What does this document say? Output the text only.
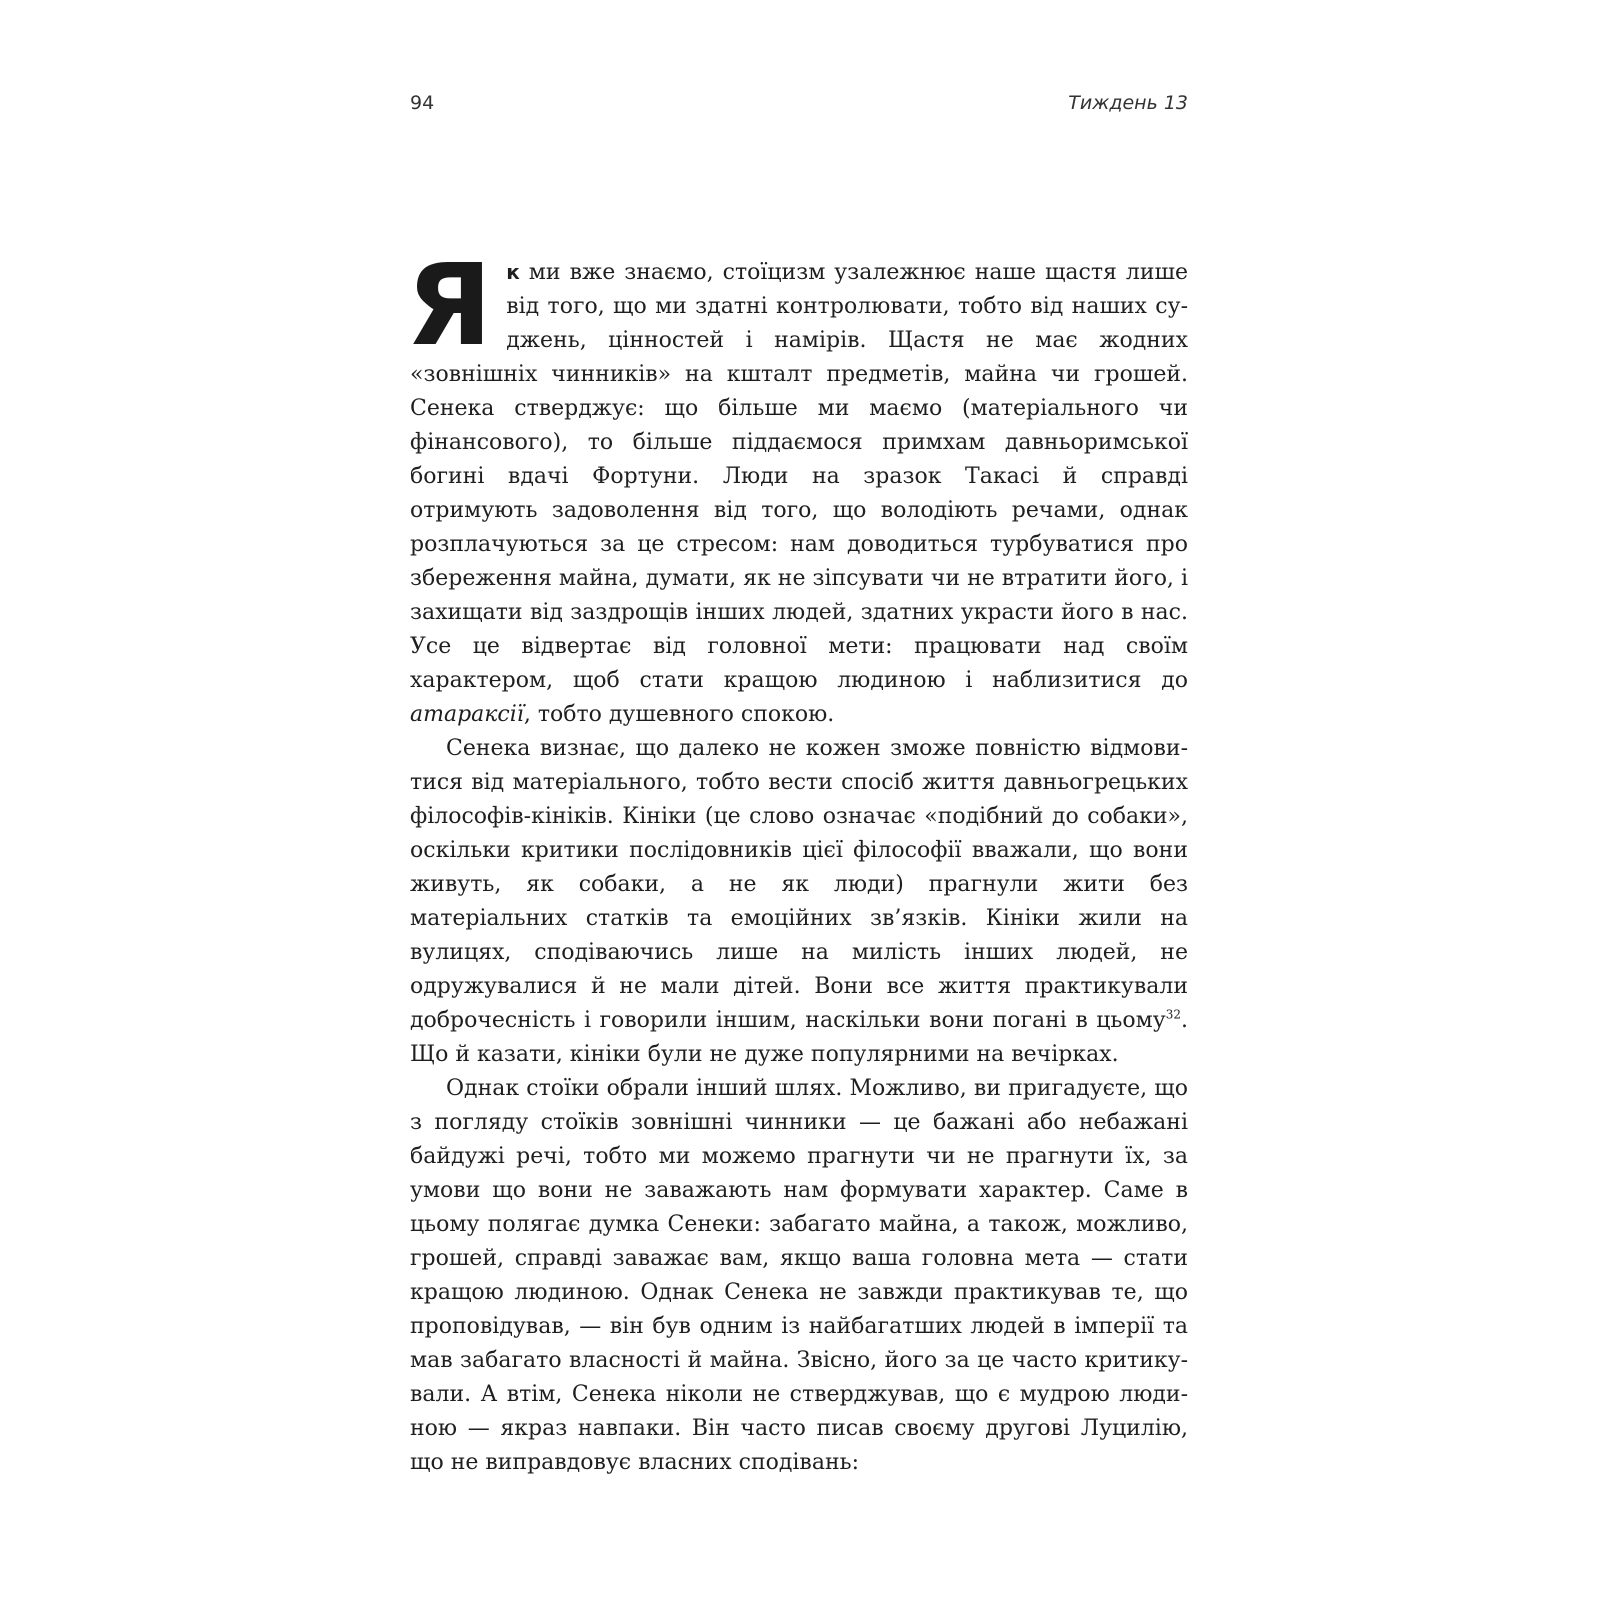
94	Тиждень 13

Я к ми вже знаємо, стоїцизм узалежнює наше щастя лише від того, що ми здатні контролювати, тобто від наших суджень, цінностей і намірів. Щастя не має жодних «зовнішніх чинників» на кшталт предметів, майна чи грошей. Сенека стверджує: що більше ми маємо (матеріального чи фінансового), то більше піддаємося примхам давньоримської богині вдачі Фортуни. Люди на зразок Такасі й справді отримують задоволення від того, що володіють речами, однак розплачуються за це стресом: нам доводиться турбуватися про збереження майна, думати, як не зіпсувати чи не втратити його, і захищати від заздрощів інших людей, здатних украсти його в нас. Усе це відвертає від головної мети: працювати над своїм характером, щоб стати кращою людиною і наблизитися до атараксії, тобто душевного спокою.

Сенека визнає, що далеко не кожен зможе повністю відмовитися від матеріального, тобто вести спосіб життя давньогрецьких філософів-кініків. Кініки (це слово означає «подібний до собаки», оскільки критики послідовників цієї філософії вважали, що вони живуть, як собаки, а не як люди) прагнули жити без матеріальних статків та емоційних зв’язків. Кініки жили на вулицях, сподіваючись лише на милість інших людей, не одружувалися й не мали дітей. Вони все життя практикували доброчесність і говорили іншим, наскільки вони погані в цьому$^{32}$. Що й казати, кініки були не дуже популярними на вечірках.

Однак стоїки обрали інший шлях. Можливо, ви пригадуєте, що з погляду стоїків зовнішні чинники — це бажані або небажані байдужі речі, тобто ми можемо прагнути чи не прагнути їх, за умови що вони не заважають нам формувати характер. Саме в цьому полягає думка Сенеки: забагато майна, а також, можливо, грошей, справді заважає вам, якщо ваша головна мета — стати кращою людиною. Однак Сенека не завжди практикував те, що проповідував, — він був одним із найбагатших людей в імперії та мав забагато власності й майна. Звісно, його за це часто критикували. А втім, Сенека ніколи не стверджував, що є мудрою людиною — якраз навпаки. Він часто писав своєму другові Луцилію, що не виправдовує власних сподівань:
